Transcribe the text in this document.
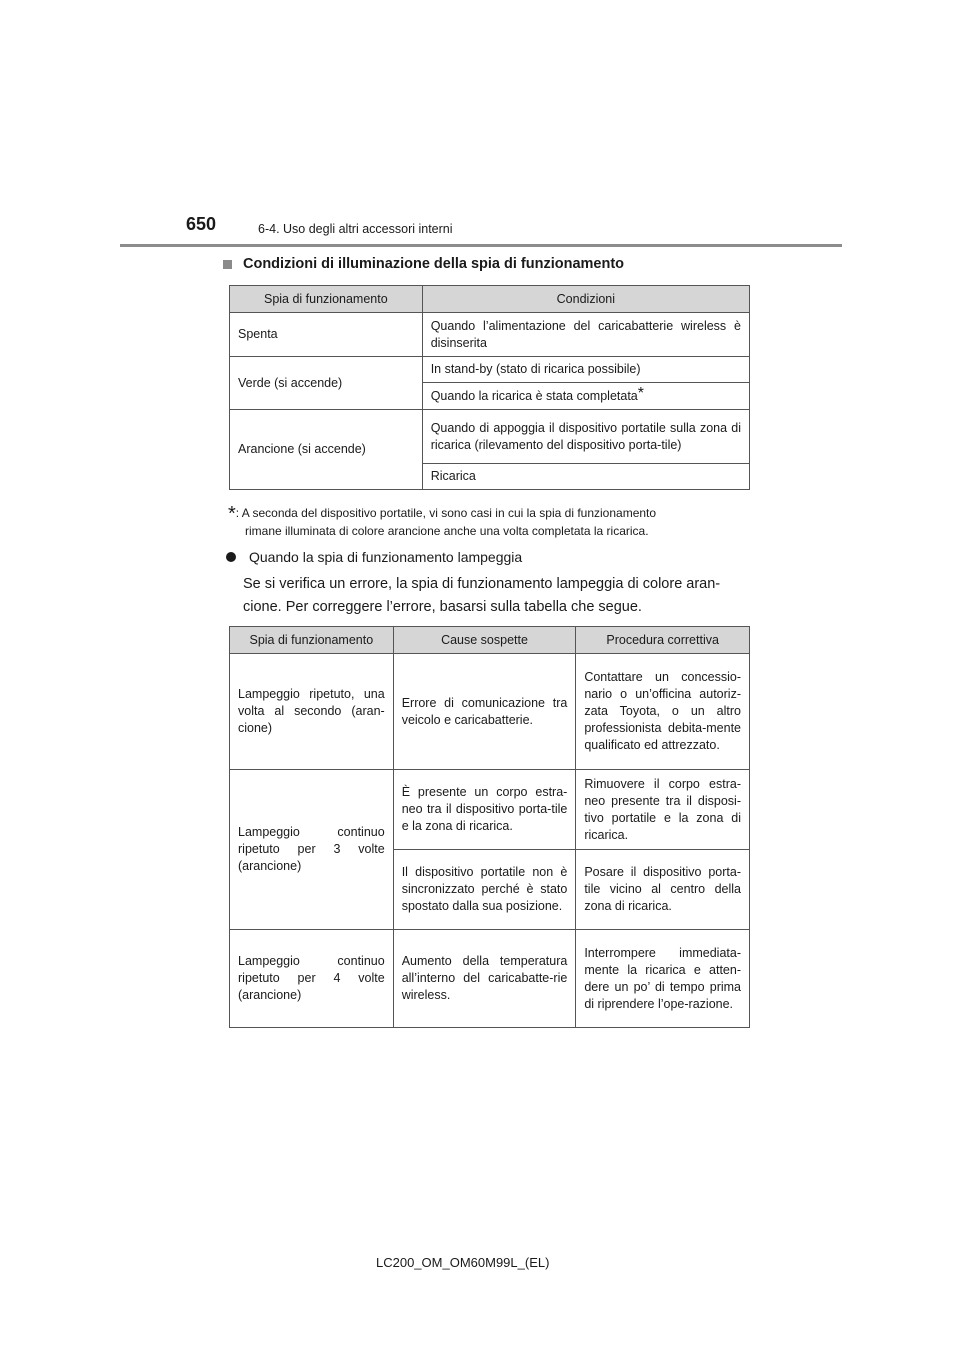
650	6-4. Uso degli altri accessori interni
Condizioni di illuminazione della spia di funzionamento
Spia di funzionamento	Condizioni
Spenta	Quando l’alimentazione del caricabatterie wireless è disinserita
Verde (si accende)	In stand-by (stato di ricarica possibile)
	Quando la ricarica è stata completata*
Arancione (si accende)	Quando di appoggia il dispositivo portatile sulla zona di ricarica (rilevamento del dispositivo porta-tile)
	Ricarica
*: A seconda del dispositivo portatile, vi sono casi in cui la spia di funzionamento
rimane illuminata di colore arancione anche una volta completata la ricarica.
Quando la spia di funzionamento lampeggia
Se si verifica un errore, la spia di funzionamento lampeggia di colore aran-
cione. Per correggere l’errore, basarsi sulla tabella che segue.
Spia di funzionamento	Cause sospette	Procedura correttiva
Lampeggio ripetuto, una volta al secondo (aran-cione)	Errore di comunicazione tra veicolo e caricabatterie.	Contattare un concessio-nario o un’officina autoriz-zata Toyota, o un altro professionista debita-mente qualificato ed attrezzato.
Lampeggio continuo ripetuto per 3 volte (arancione)	È presente un corpo estra-neo tra il dispositivo porta-tile e la zona di ricarica.	Rimuovere il corpo estra-neo presente tra il disposi-tivo portatile e la zona di ricarica.
	Il dispositivo portatile non è sincronizzato perché è stato spostato dalla sua posizione.	Posare il dispositivo porta-tile vicino al centro della zona di ricarica.
Lampeggio continuo ripetuto per 4 volte (arancione)	Aumento della temperatura all’interno del caricabatte-rie wireless.	Interrompere immediata-mente la ricarica e atten-dere un po’ di tempo prima di riprendere l’ope-razione.
LC200_OM_OM60M99L_(EL)
